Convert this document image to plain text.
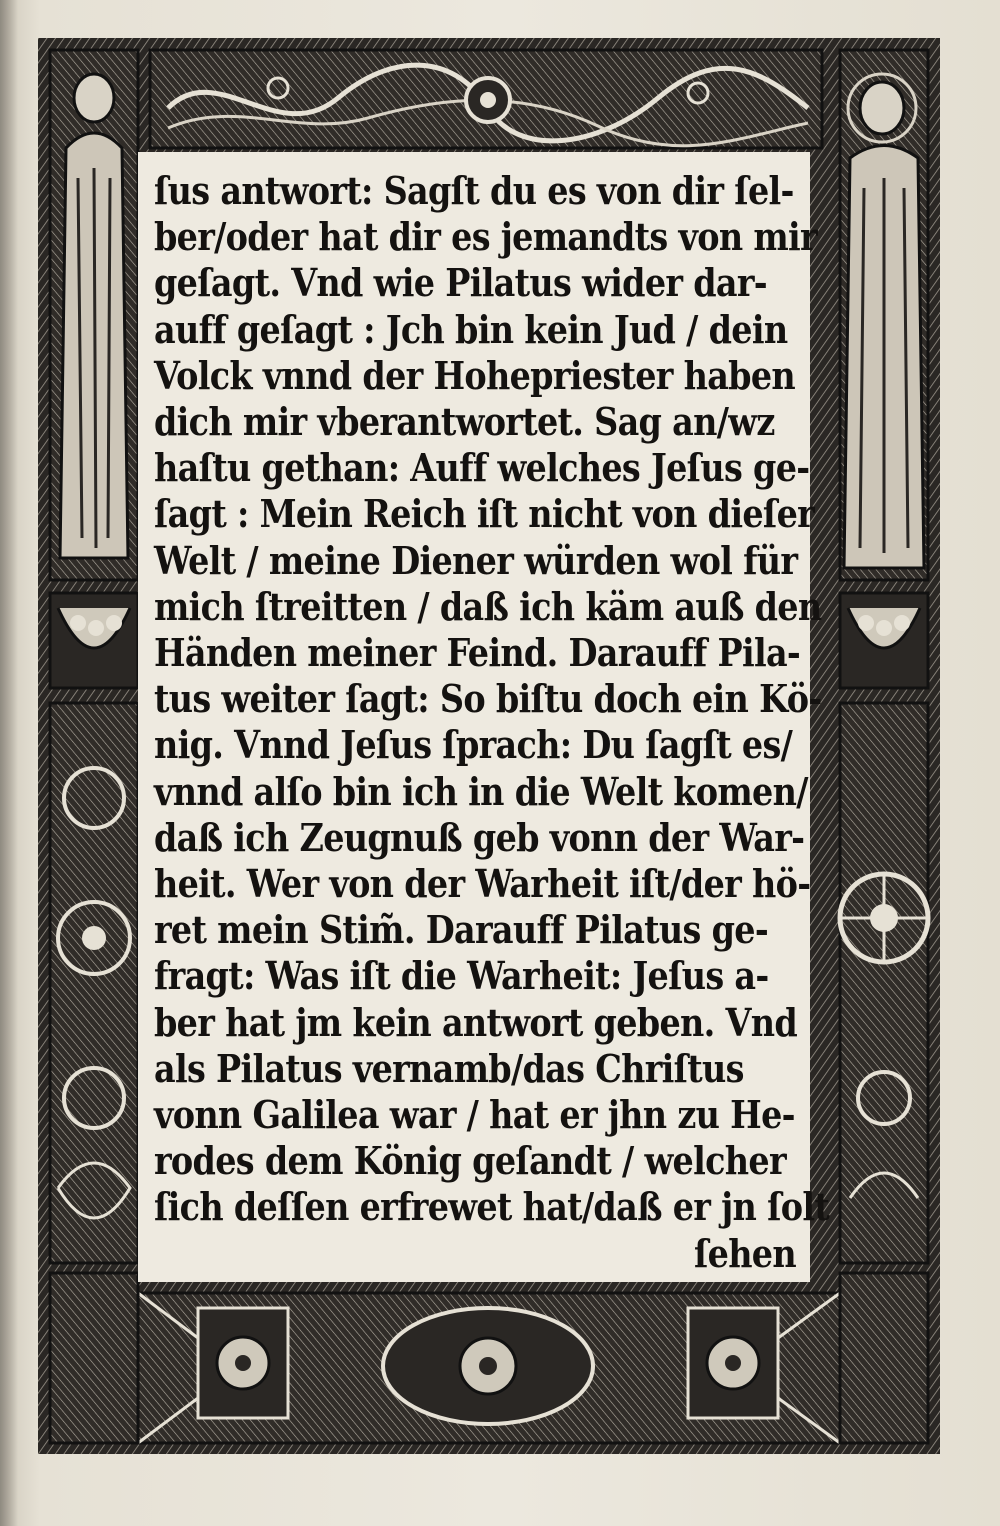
ſus antwort: Sagſt du es von dir ſel-
ber/oder hat dir es jemandts von mir
geſagt. Vnd wie Pilatus wider dar-
auff geſagt : Jch bin kein Jud / dein
Volck vnnd der Hohepriester haben
dich mir vberantwortet. Sag an/wz
haſtu gethan: Auff welches Jeſus ge-
ſagt : Mein Reich iſt nicht von dieſer
Welt / meine Diener würden wol für
mich ſtreitten / daß ich käm auß den
Händen meiner Feind. Darauff Pila-
tus weiter ſagt: So biſtu doch ein Kö-
nig. Vnnd Jeſus ſprach: Du ſagſt es/
vnnd alſo bin ich in die Welt komen/
daß ich Zeugnuß geb vonn der War-
heit. Wer von der Warheit iſt/der hö-
ret mein Stim̃. Darauff Pilatus ge-
fragt: Was iſt die Warheit: Jeſus a-
ber hat jm kein antwort geben. Vnd
als Pilatus vernamb/das Chriſtus
vonn Galilea war / hat er jhn zu He-
rodes dem König geſandt / welcher
ſich deſſen erfrewet hat/daß er jn ſolt
ſehen
